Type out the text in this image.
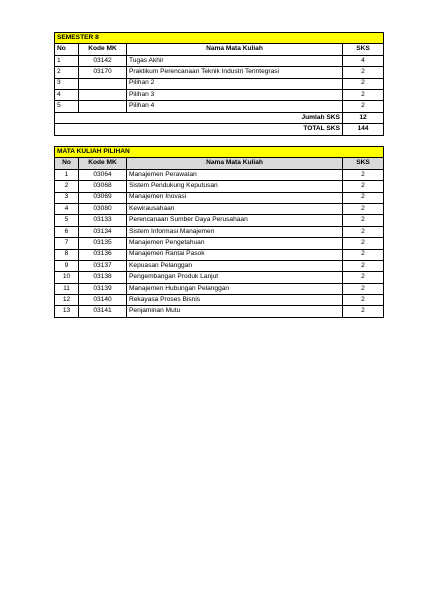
SEMESTER 8			
No	Kode MK	Nama Mata Kuliah	SKS
1	03142	Tugas Akhir	4
2	03170	Praktikum Perencanaan Teknik Industri Terintegrasi	2
3		Pilihan 2	2
4		Pilihan 3	2
5		Pilihan 4	2
Jumlah SKS			12
TOTAL SKS			144
MATA KULIAH PILIHAN			
No	Kode MK	Nama Mata Kuliah	SKS
1	03064	Manajemen Perawatan	2
2	03068	Sistem Pendukung Keputusan	2
3	03069	Manajemen Inovasi	2
4	03080	Kewirausahaan	2
5	03133	Perencanaan Sumber Daya Perusahaan	2
6	03134	Sistem Informasi Manajemen	2
7	03135	Manajemen Pengetahuan	2
8	03136	Manajemen Rantai Pasok	2
9	03137	Kepuasan Pelanggan	2
10	03138	Pengembangan Produk Lanjut	2
11	03139	Manajemen Hubungan Pelanggan	2
12	03140	Rekayasa Proses Bisnis	2
13	03141	Penjaminan Mutu	2
